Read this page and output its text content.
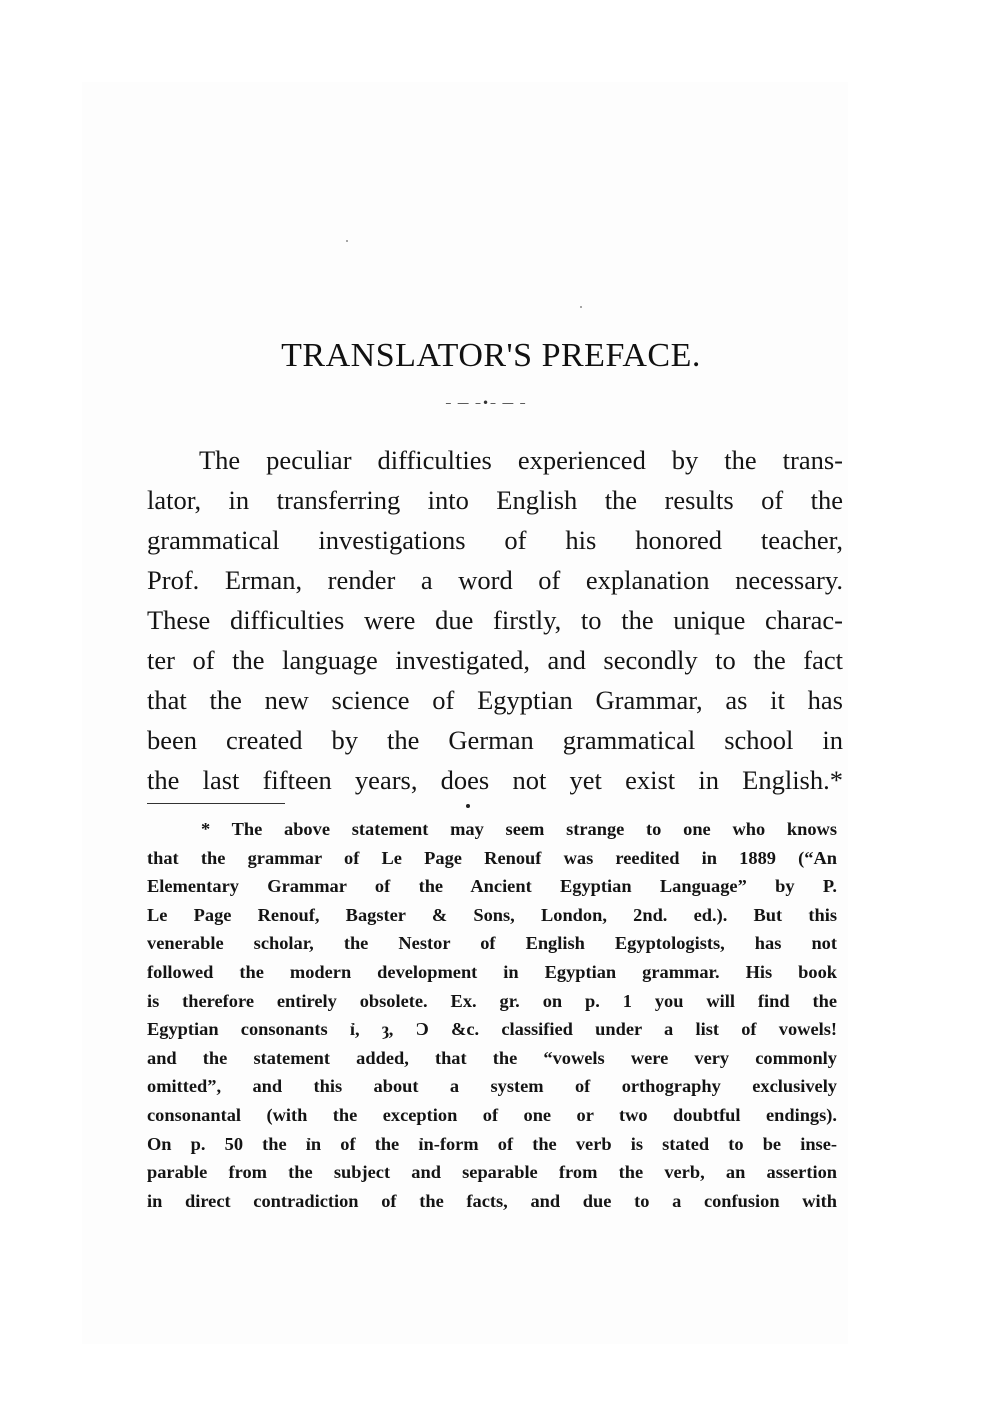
TRANSLATOR'S PREFACE.
– — –•– — –
The peculiar difficulties experienced by the trans-
lator, in transferring into English the results of the
grammatical investigations of his honored teacher,
Prof. Erman, render a word of explanation necessary.
These difficulties were due firstly, to the unique charac-
ter of the language investigated, and secondly to the fact
that the new science of Egyptian Grammar, as it has
been created by the German grammatical school in
the last fifteen years, does not yet exist in English.*
* The above statement may seem strange to one who knows
that the grammar of Le Page Renouf was reedited in 1889 (“An
Elementary Grammar of the Ancient Egyptian Language” by P.
Le Page Renouf, Bagster & Sons, London, 2nd. ed.). But this
venerable scholar, the Nestor of English Egyptologists, has not
followed the modern development in Egyptian grammar. His book
is therefore entirely obsolete. Ex. gr. on p. 1 you will find the
Egyptian consonants ỉ, ȝ, Ɔ &c. classified under a list of vowels!
and the statement added, that the “vowels were very commonly
omitted”, and this about a system of orthography exclusively
consonantal (with the exception of one or two doubtful endings).
On p. 50 the ỉn of the ỉn-form of the verb is stated to be inse-
parable from the subject and separable from the verb, an assertion
in direct contradiction of the facts, and due to a confusion with
